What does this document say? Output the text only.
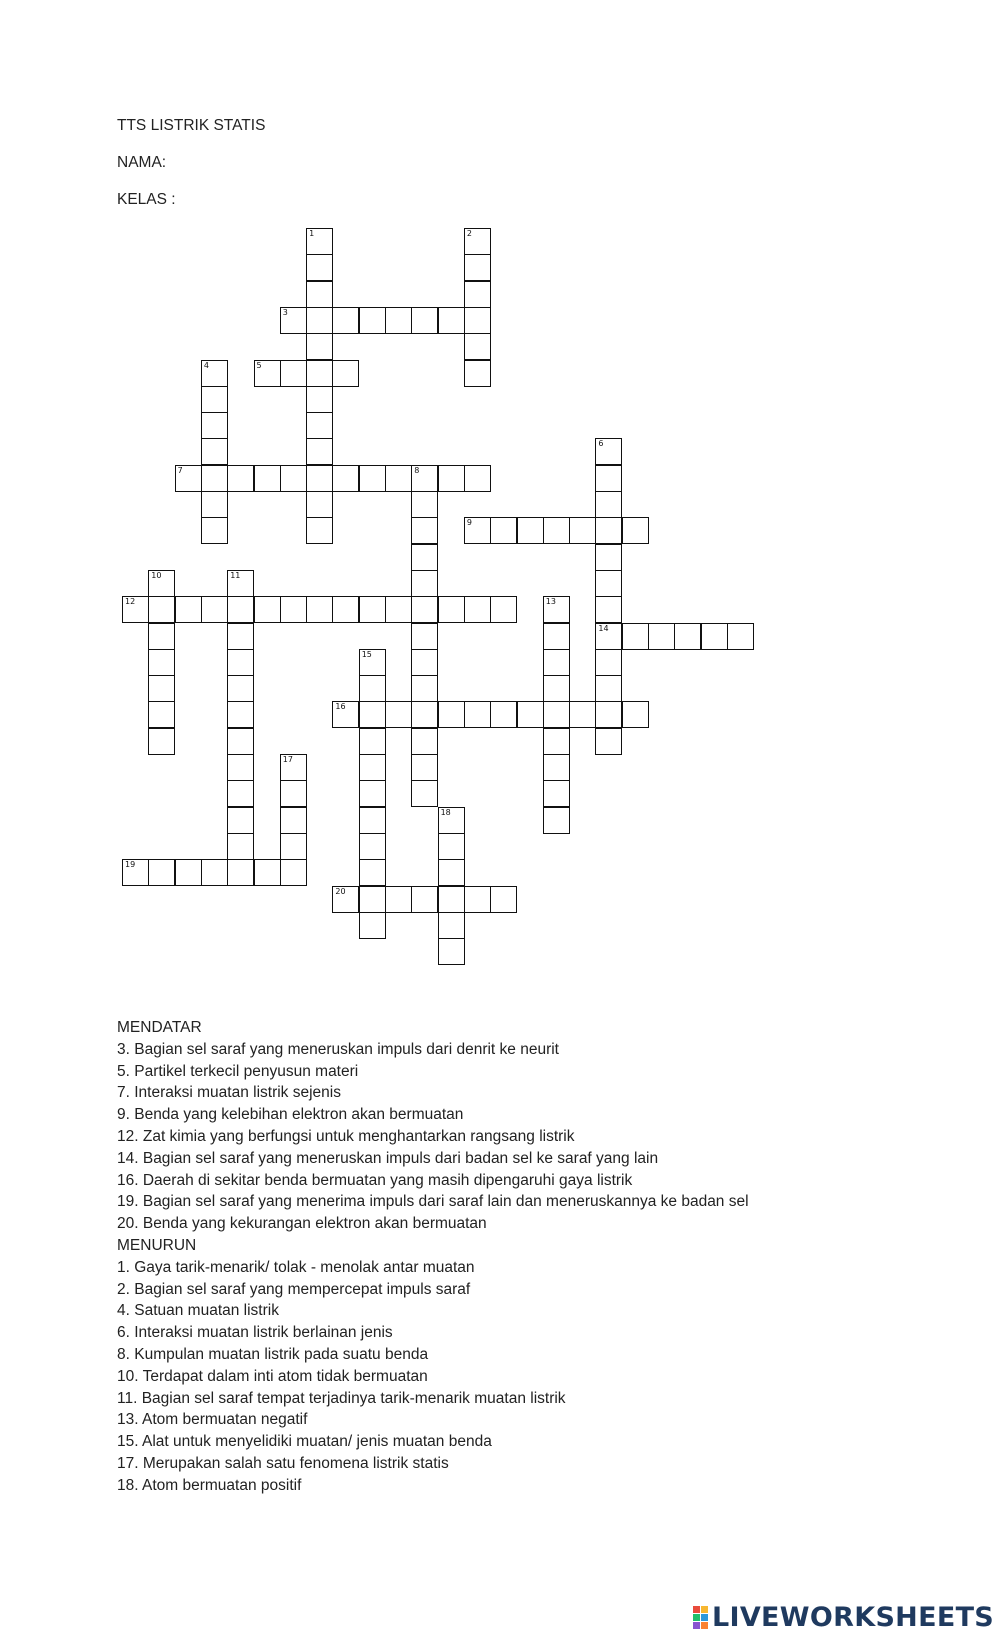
TTS LISTRIK STATIS
NAMA:
KELAS :
3
5
7	8
9
12
14
16
19
20
1	2
4
6
10	11
13
15
17
18
MENDATAR
3. Bagian sel saraf yang meneruskan impuls dari denrit ke neurit
5. Partikel terkecil penyusun materi
7. Interaksi muatan listrik sejenis
9. Benda yang kelebihan elektron akan bermuatan
12. Zat kimia yang berfungsi untuk menghantarkan rangsang listrik
14. Bagian sel saraf yang meneruskan impuls dari badan sel ke saraf yang lain
16. Daerah di sekitar benda bermuatan yang masih dipengaruhi gaya listrik
19. Bagian sel saraf yang menerima impuls dari saraf lain dan meneruskannya ke badan sel
20. Benda yang kekurangan elektron akan bermuatan
MENURUN
1. Gaya tarik-menarik/ tolak - menolak antar muatan
2. Bagian sel saraf yang mempercepat impuls saraf
4. Satuan muatan listrik
6. Interaksi muatan listrik berlainan jenis
8. Kumpulan muatan listrik pada suatu benda
10. Terdapat dalam inti atom tidak bermuatan
11. Bagian sel saraf tempat terjadinya tarik-menarik muatan listrik
13. Atom bermuatan negatif
15. Alat untuk menyelidiki muatan/ jenis muatan benda
17. Merupakan salah satu fenomena listrik statis
18. Atom bermuatan positif
LIVEWORKSHEETS
